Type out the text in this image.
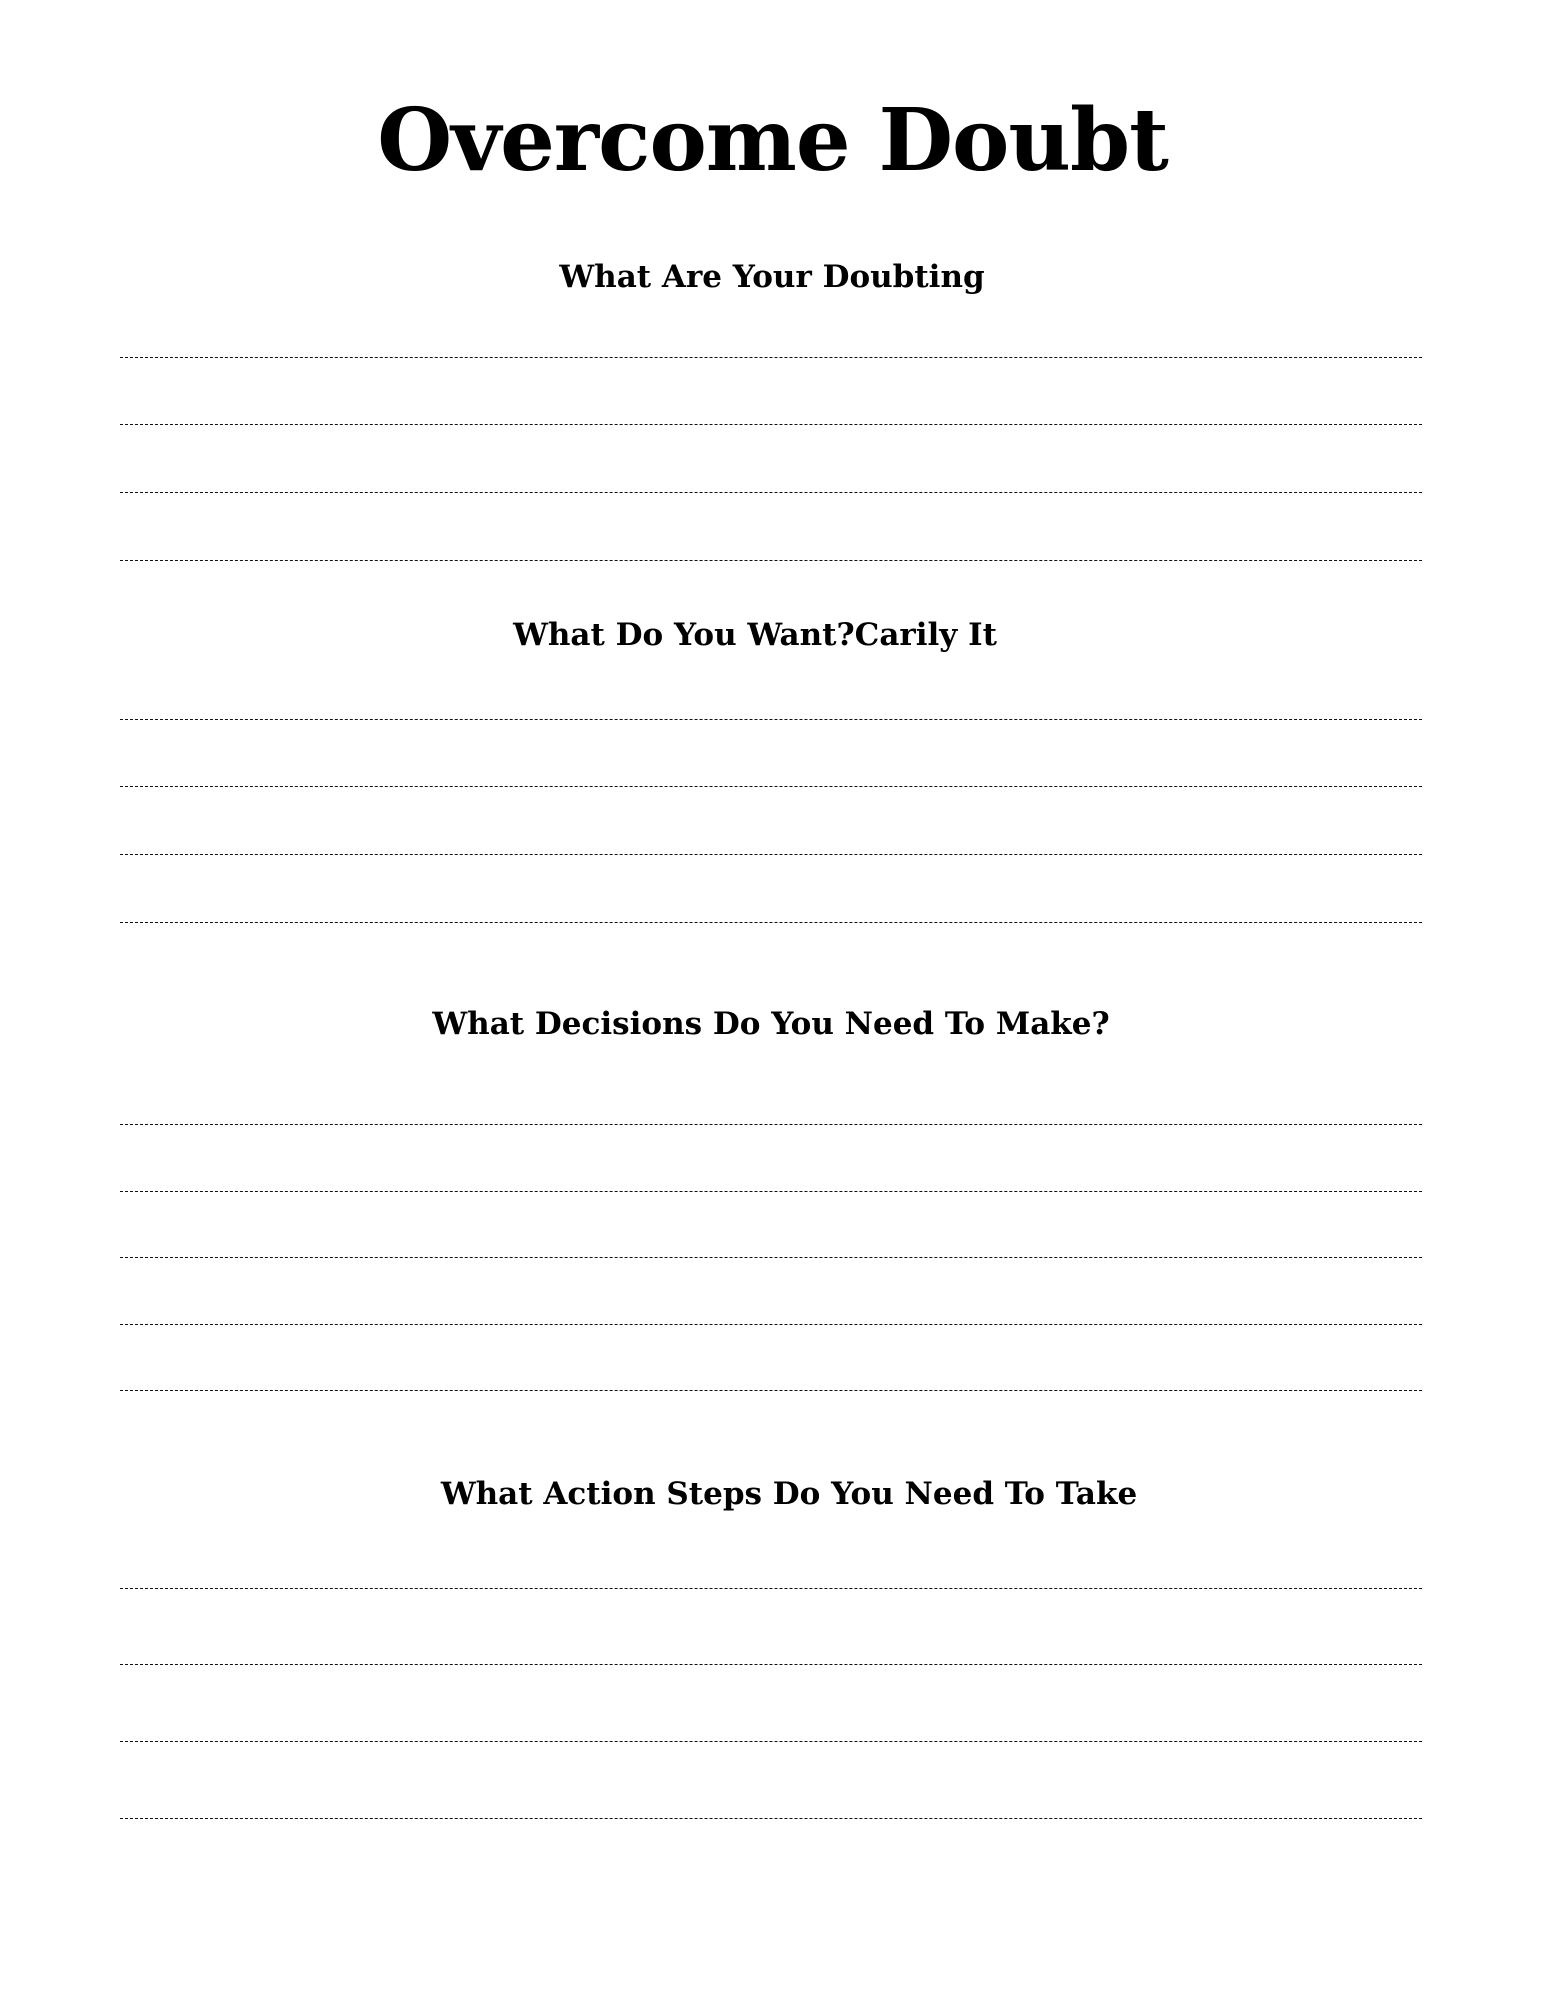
Overcome Doubt
What Are Your Doubting
What Do You Want?Carily It
What Decisions Do You Need To Make?
What Action Steps Do You Need To Take
